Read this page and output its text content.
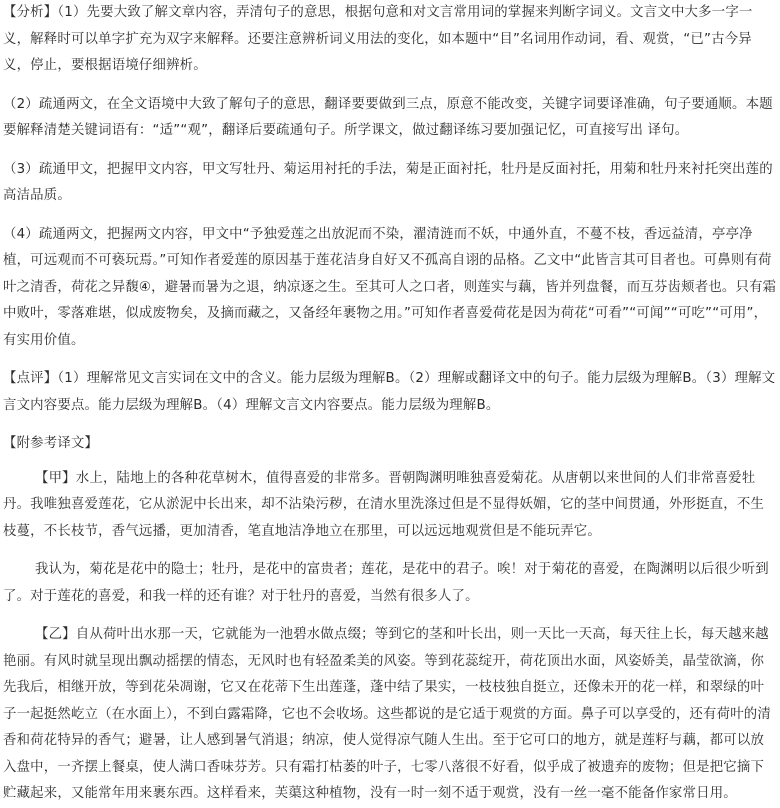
【分析】（1）先要大致了解文章内容，弄清句子的意思，根据句意和对文言常用词的掌握来判断字词义。文言文中大多一字一义，解释时可以单字扩充为双字来解释。还要注意辨析词义用法的变化，如本题中“目”名词用作动词，看、观赏，“已”古今异义，停止，要根据语境仔细辨析。

（2）疏通两文，在全文语境中大致了解句子的意思，翻译要要做到三点，原意不能改变，关键字词要译准确，句子要通顺。本题要解释清楚关键词语有：“适”“观”，翻译后要疏通句子。所学课文，做过翻译练习要加强记忆，可直接写出 译句。

（3）疏通甲文，把握甲文内容，甲文写牡丹、菊运用衬托的手法，菊是正面衬托，牡丹是反面衬托，用菊和牡丹来衬托突出莲的高洁品质。

（4）疏通两文，把握两文内容，甲文中“予独爱莲之出放泥而不染，濯清涟而不妖，中通外直，不蔓不枝，香远益清，亭亭净植，可远观而不可亵玩焉。”可知作者爱莲的原因基于莲花洁身自好又不孤高自诩的品格。乙文中“此皆言其可目者也。可鼻则有荷叶之清香，荷花之异馥④，避暑而暑为之退，纳凉逐之生。至其可人之口者，则莲实与藕，皆并列盘餐，而互芬齿颊者也。只有霜中败叶，零落难堪，似成废物矣，及摘而藏之，又备经年裹物之用。”可知作者喜爱荷花是因为荷花“可看”“可闻”“可吃”“可用”，有实用价值。

【点评】（1）理解常见文言实词在文中的含义。能力层级为理解B。（2）理解或翻译文中的句子。能力层级为理解B。（3）理解文言文内容要点。能力层级为理解B。（4）理解文言文内容要点。能力层级为理解B。

【附参考译文】

【甲】水上，陆地上的各种花草树木，值得喜爱的非常多。晋朝陶渊明唯独喜爱菊花。从唐朝以来世间的人们非常喜爱牡丹。我唯独喜爱莲花，它从淤泥中长出来，却不沾染污秽，在清水里洗涤过但是不显得妖媚，它的茎中间贯通，外形挺直，不生枝蔓，不长枝节，香气远播，更加清香，笔直地洁净地立在那里，可以远远地观赏但是不能玩弄它。

我认为，菊花是花中的隐士；牡丹，是花中的富贵者；莲花，是花中的君子。唉！对于菊花的喜爱，在陶渊明以后很少听到了。对于莲花的喜爱，和我一样的还有谁？对于牡丹的喜爱，当然有很多人了。

【乙】自从荷叶出水那一天，它就能为一池碧水做点缀；等到它的茎和叶长出，则一天比一天高，每天往上长，每天越来越艳丽。有风时就呈现出飘动摇摆的情态，无风时也有轻盈柔美的风姿。等到花蕊绽开，荷花顶出水面，风姿娇美，晶莹欲滴，你先我后，相继开放，等到花朵凋谢，它又在花蒂下生出莲蓬，蓬中结了果实，一枝枝独自挺立，还像未开的花一样，和翠绿的叶子一起挺然屹立（在水面上），不到白露霜降，它也不会收场。这些都说的是它适于观赏的方面。鼻子可以享受的，还有荷叶的清香和荷花特异的香气；避暑，让人感到暑气消退；纳凉，使人觉得凉气随人生出。至于它可口的地方，就是莲籽与藕，都可以放入盘中，一齐摆上餐桌，使人满口香味芬芳。只有霜打枯萎的叶子，七零八落很不好看，似乎成了被遗弃的废物；但是把它摘下贮藏起来，又能常年用来裹东西。这样看来，芙蕖这种植物，没有一时一刻不适于观赏，没有一丝一毫不能备作家常日用。
